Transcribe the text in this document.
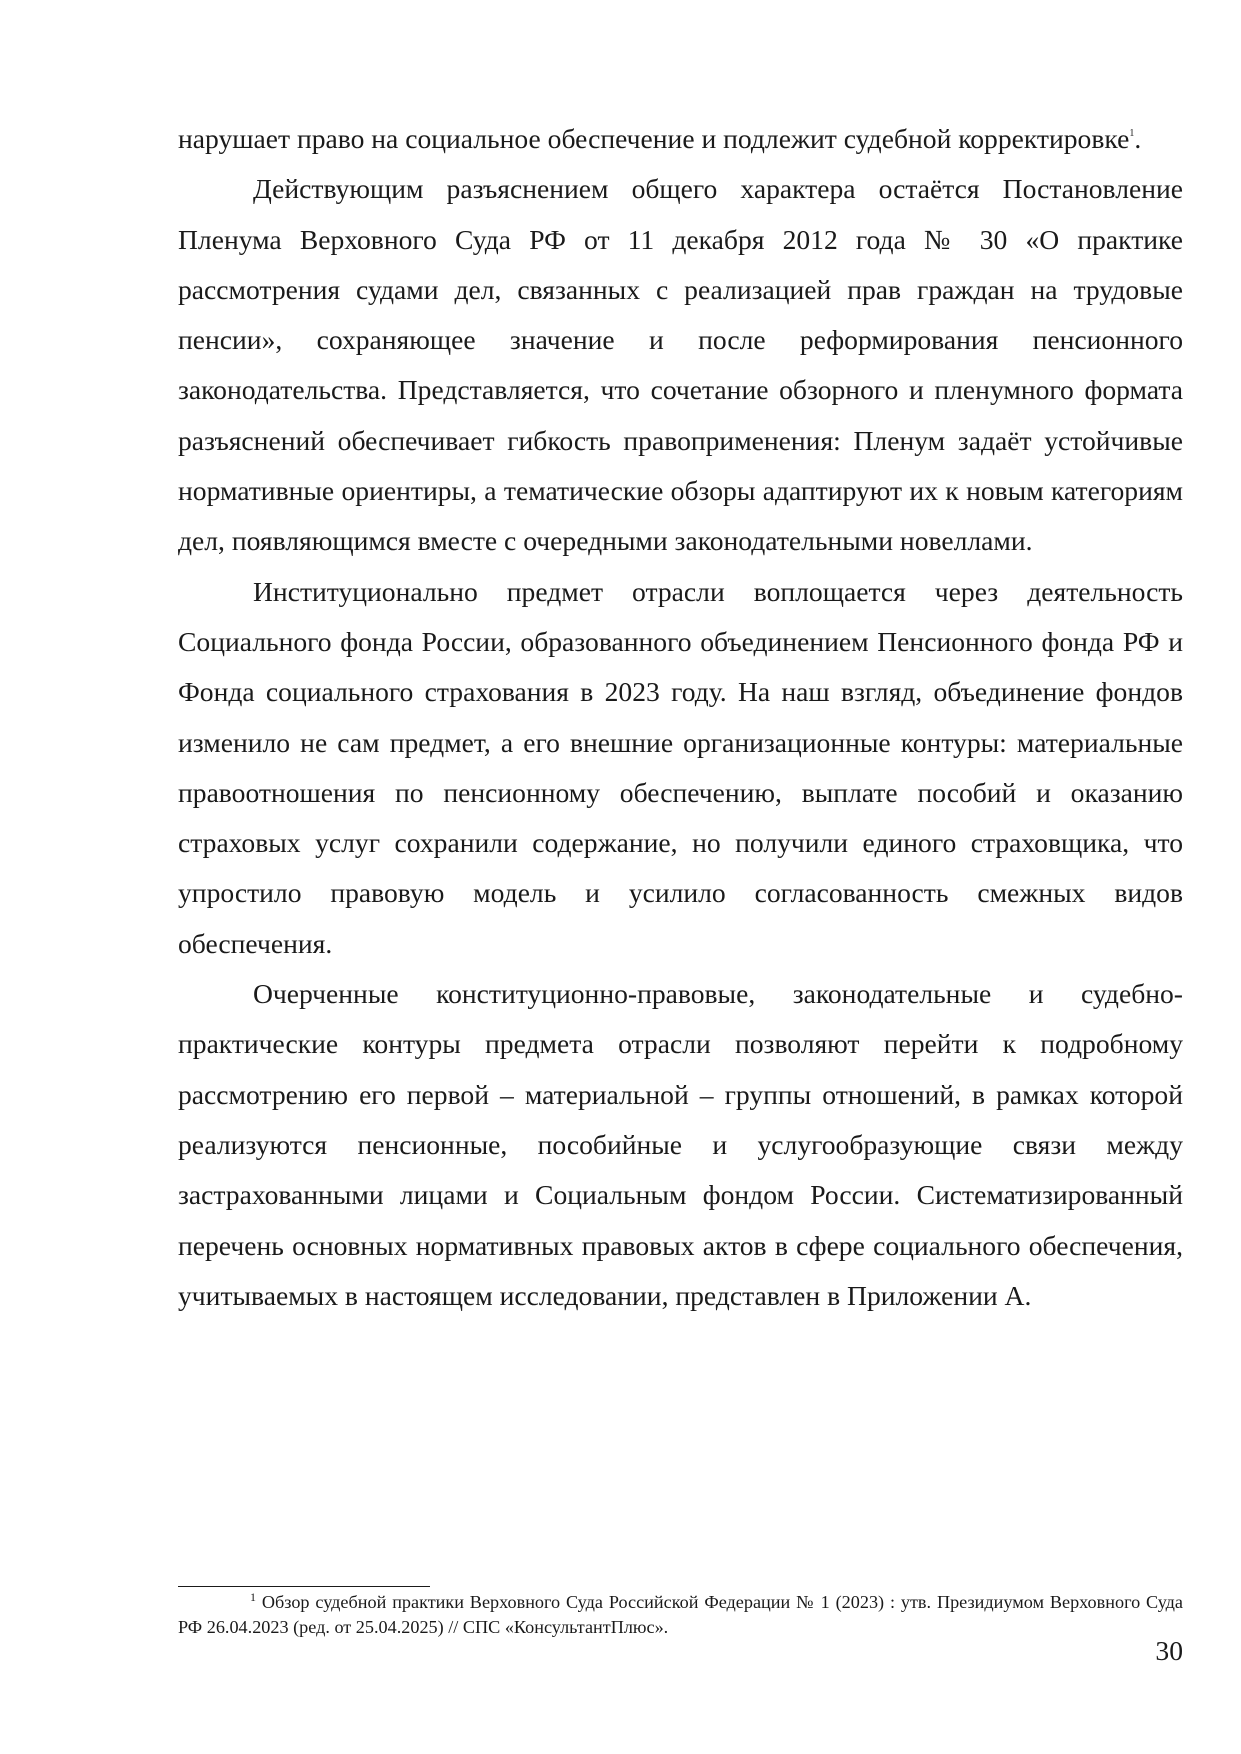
нарушает право на социальное обеспечение и подлежит судебной корректировке$^1$.

Действующим разъяснением общего характера остаётся Постановление Пленума Верховного Суда РФ от 11 декабря 2012 года № 30 «О практике рассмотрения судами дел, связанных с реализацией прав граждан на трудовые пенсии», сохраняющее значение и после реформирования пенсионного законодательства. Представляется, что сочетание обзорного и пленумного формата разъяснений обеспечивает гибкость правоприменения: Пленум задаёт устойчивые нормативные ориентиры, а тематические обзоры адаптируют их к новым категориям дел, появляющимся вместе с очередными законодательными новеллами.

Институционально предмет отрасли воплощается через деятельность Социального фонда России, образованного объединением Пенсионного фонда РФ и Фонда социального страхования в 2023 году. На наш взгляд, объединение фондов изменило не сам предмет, а его внешние организационные контуры: материальные правоотношения по пенсионному обеспечению, выплате пособий и оказанию страховых услуг сохранили содержание, но получили единого страховщика, что упростило правовую модель и усилило согласованность смежных видов обеспечения.

Очерченные конституционно-правовые, законодательные и судебно-практические контуры предмета отрасли позволяют перейти к подробному рассмотрению его первой – материальной – группы отношений, в рамках которой реализуются пенсионные, пособийные и услугообразующие связи между застрахованными лицами и Социальным фондом России. Систематизированный перечень основных нормативных правовых актов в сфере социального обеспечения, учитываемых в настоящем исследовании, представлен в Приложении А.

$^1$ Обзор судебной практики Верховного Суда Российской Федерации № 1 (2023) : утв. Президиумом Верховного Суда РФ 26.04.2023 (ред. от 25.04.2025) // СПС «КонсультантПлюс».
30
